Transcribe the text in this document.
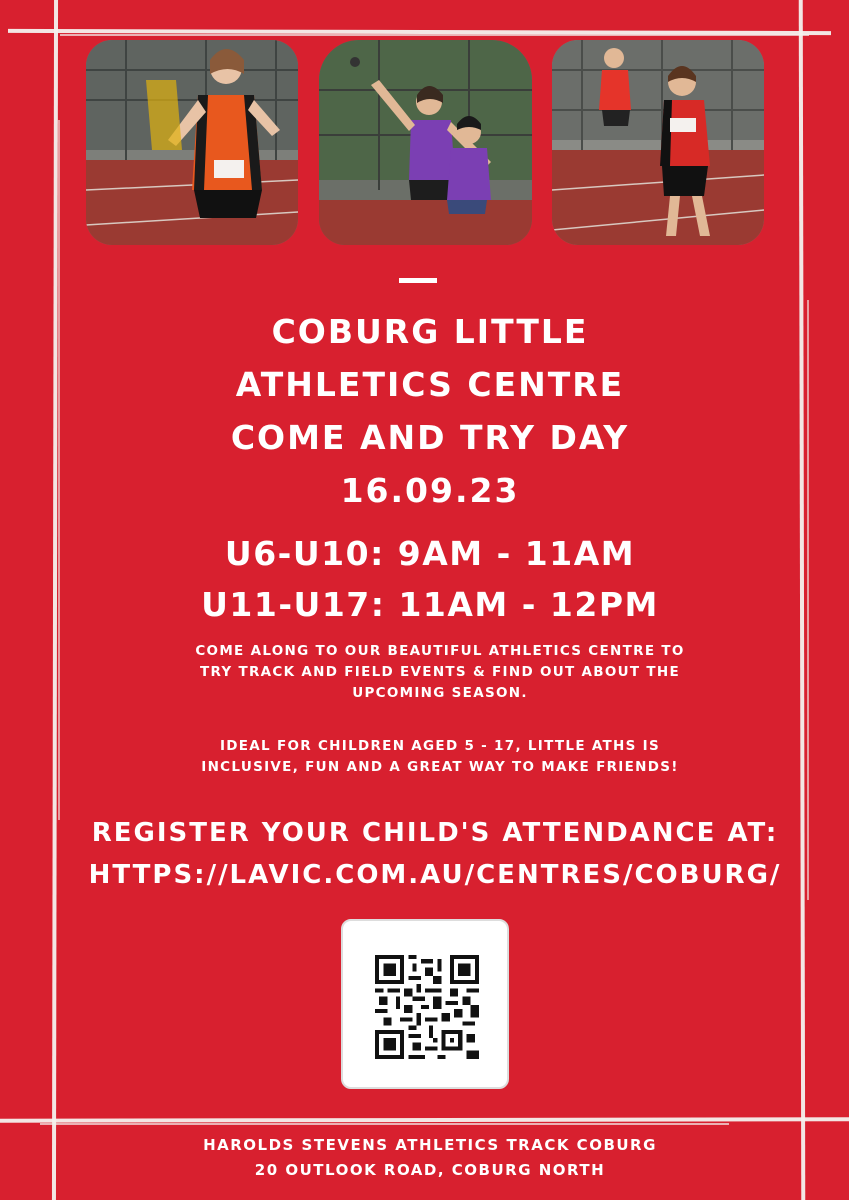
COBURG LITTLE
ATHLETICS CENTRE
COME AND TRY DAY
16.09.23
U6-U10: 9AM - 11AM
U11-U17: 11AM - 12PM
COME ALONG TO OUR BEAUTIFUL ATHLETICS CENTRE TO
TRY TRACK AND FIELD EVENTS & FIND OUT ABOUT THE
UPCOMING SEASON.
IDEAL FOR CHILDREN AGED 5 - 17, LITTLE ATHS IS
INCLUSIVE, FUN AND A GREAT WAY TO MAKE FRIENDS!
REGISTER YOUR CHILD'S ATTENDANCE AT:
HTTPS://LAVIC.COM.AU/CENTRES/COBURG/
HAROLDS STEVENS ATHLETICS TRACK COBURG
20 OUTLOOK ROAD, COBURG NORTH
